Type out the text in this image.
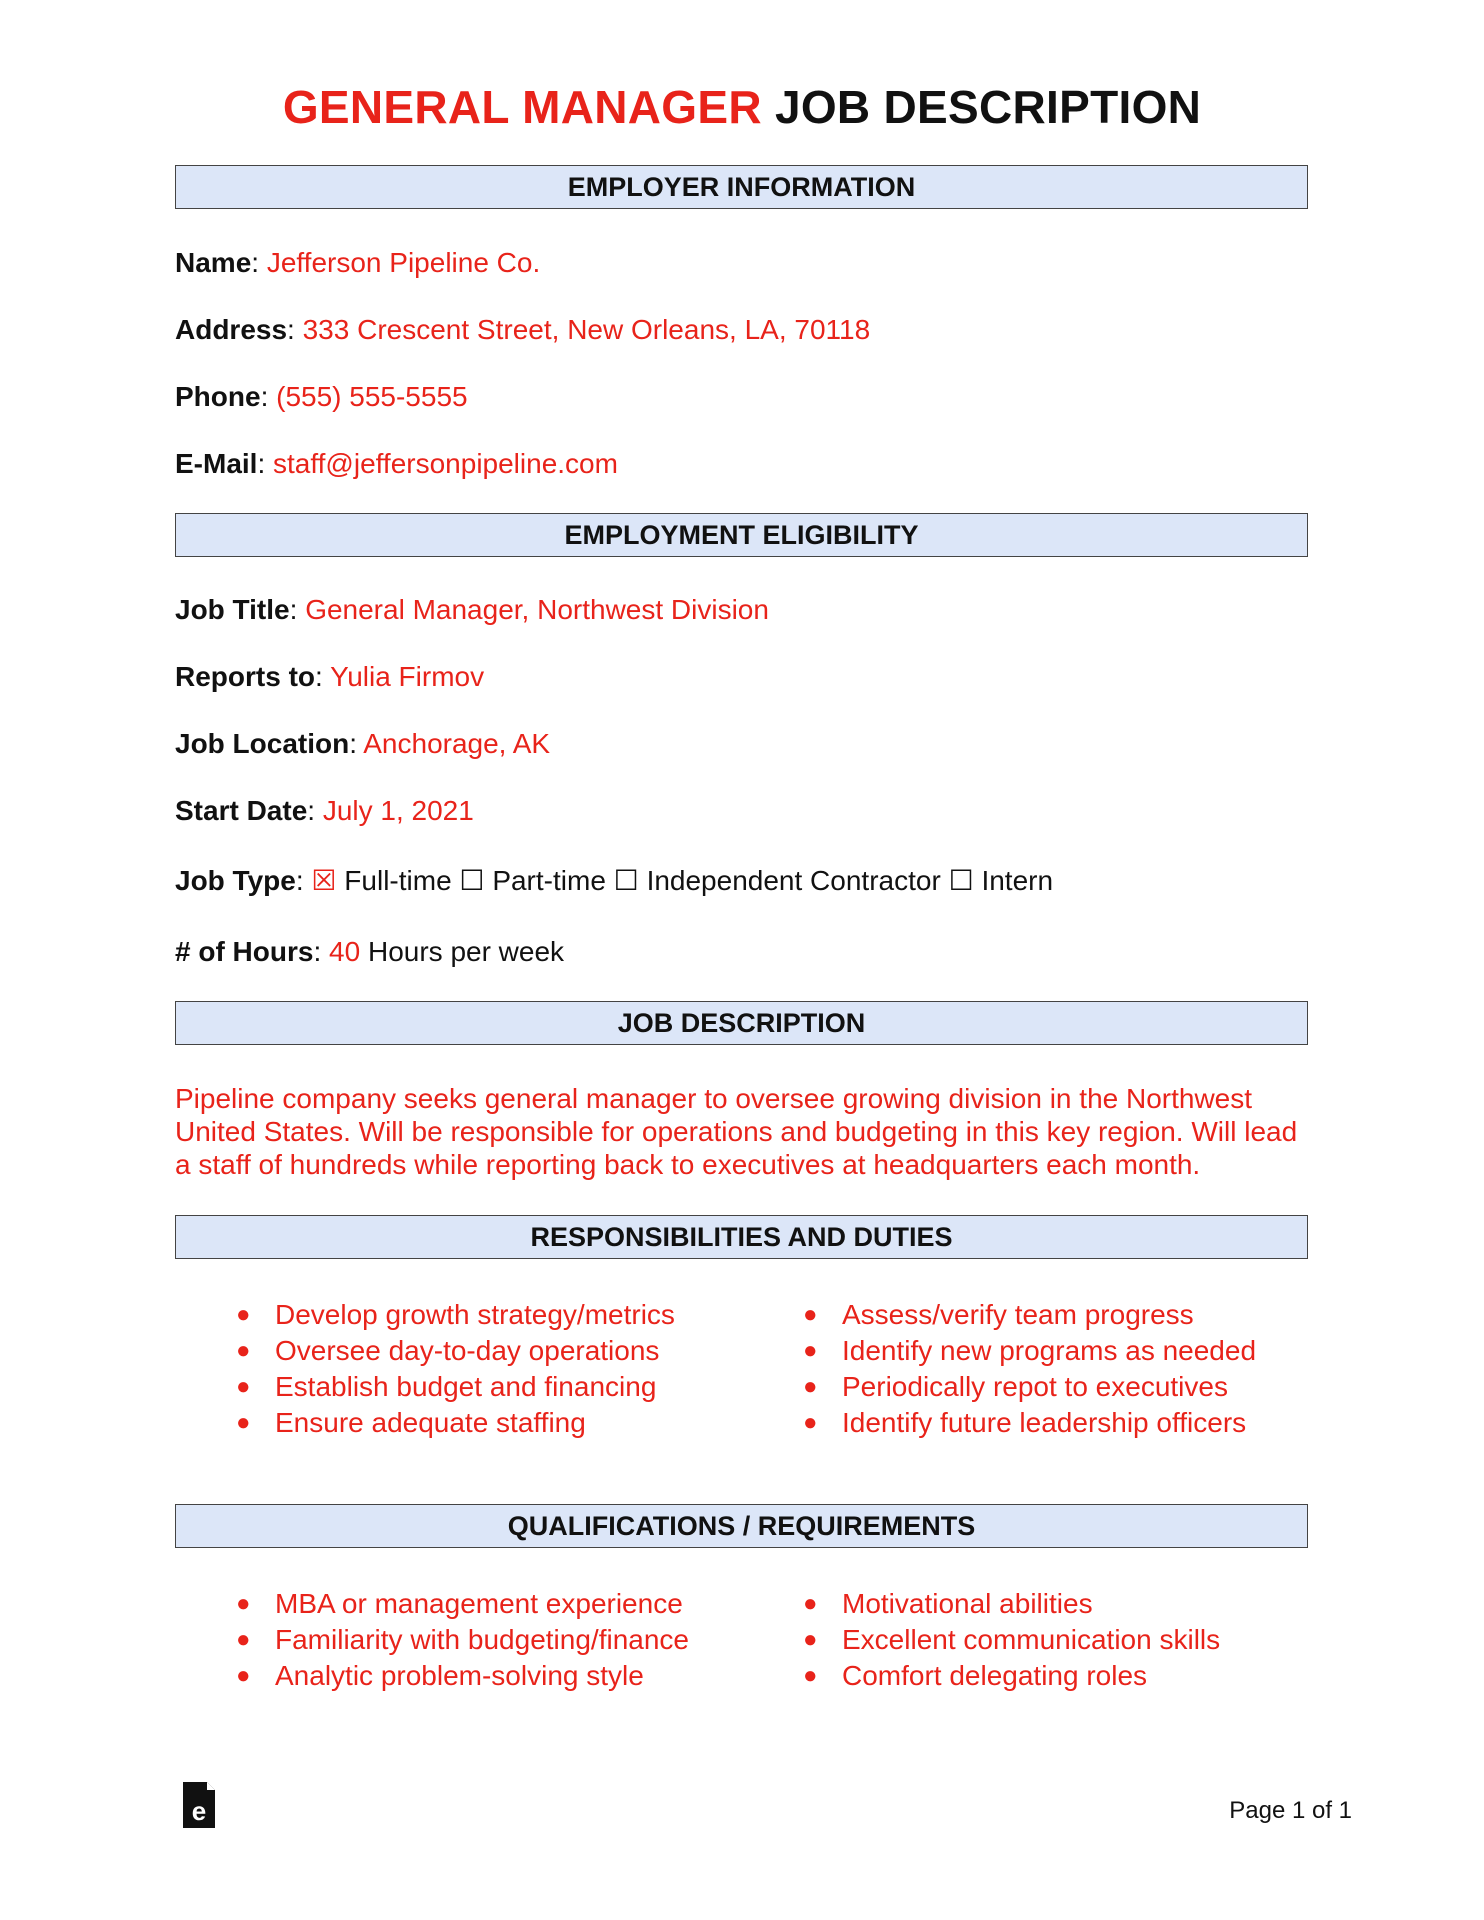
GENERAL MANAGER JOB DESCRIPTION
EMPLOYER INFORMATION
Name: Jefferson Pipeline Co.
Address: 333 Crescent Street, New Orleans, LA, 70118
Phone: (555) 555-5555
E-Mail: staff@jeffersonpipeline.com
EMPLOYMENT ELIGIBILITY
Job Title: General Manager, Northwest Division
Reports to: Yulia Firmov
Job Location: Anchorage, AK
Start Date: July 1, 2021
Job Type: ☒ Full-time ☐ Part-time ☐ Independent Contractor ☐ Intern
# of Hours: 40 Hours per week
JOB DESCRIPTION
Pipeline company seeks general manager to oversee growing division in the Northwest United States. Will be responsible for operations and budgeting in this key region. Will lead a staff of hundreds while reporting back to executives at headquarters each month.
RESPONSIBILITIES AND DUTIES
● Develop growth strategy/metrics
● Oversee day-to-day operations
● Establish budget and financing
● Ensure adequate staffing
● Assess/verify team progress
● Identify new programs as needed
● Periodically repot to executives
● Identify future leadership officers
QUALIFICATIONS / REQUIREMENTS
● MBA or management experience
● Familiarity with budgeting/finance
● Analytic problem-solving style
● Motivational abilities
● Excellent communication skills
● Comfort delegating roles
e	Page 1 of 1
